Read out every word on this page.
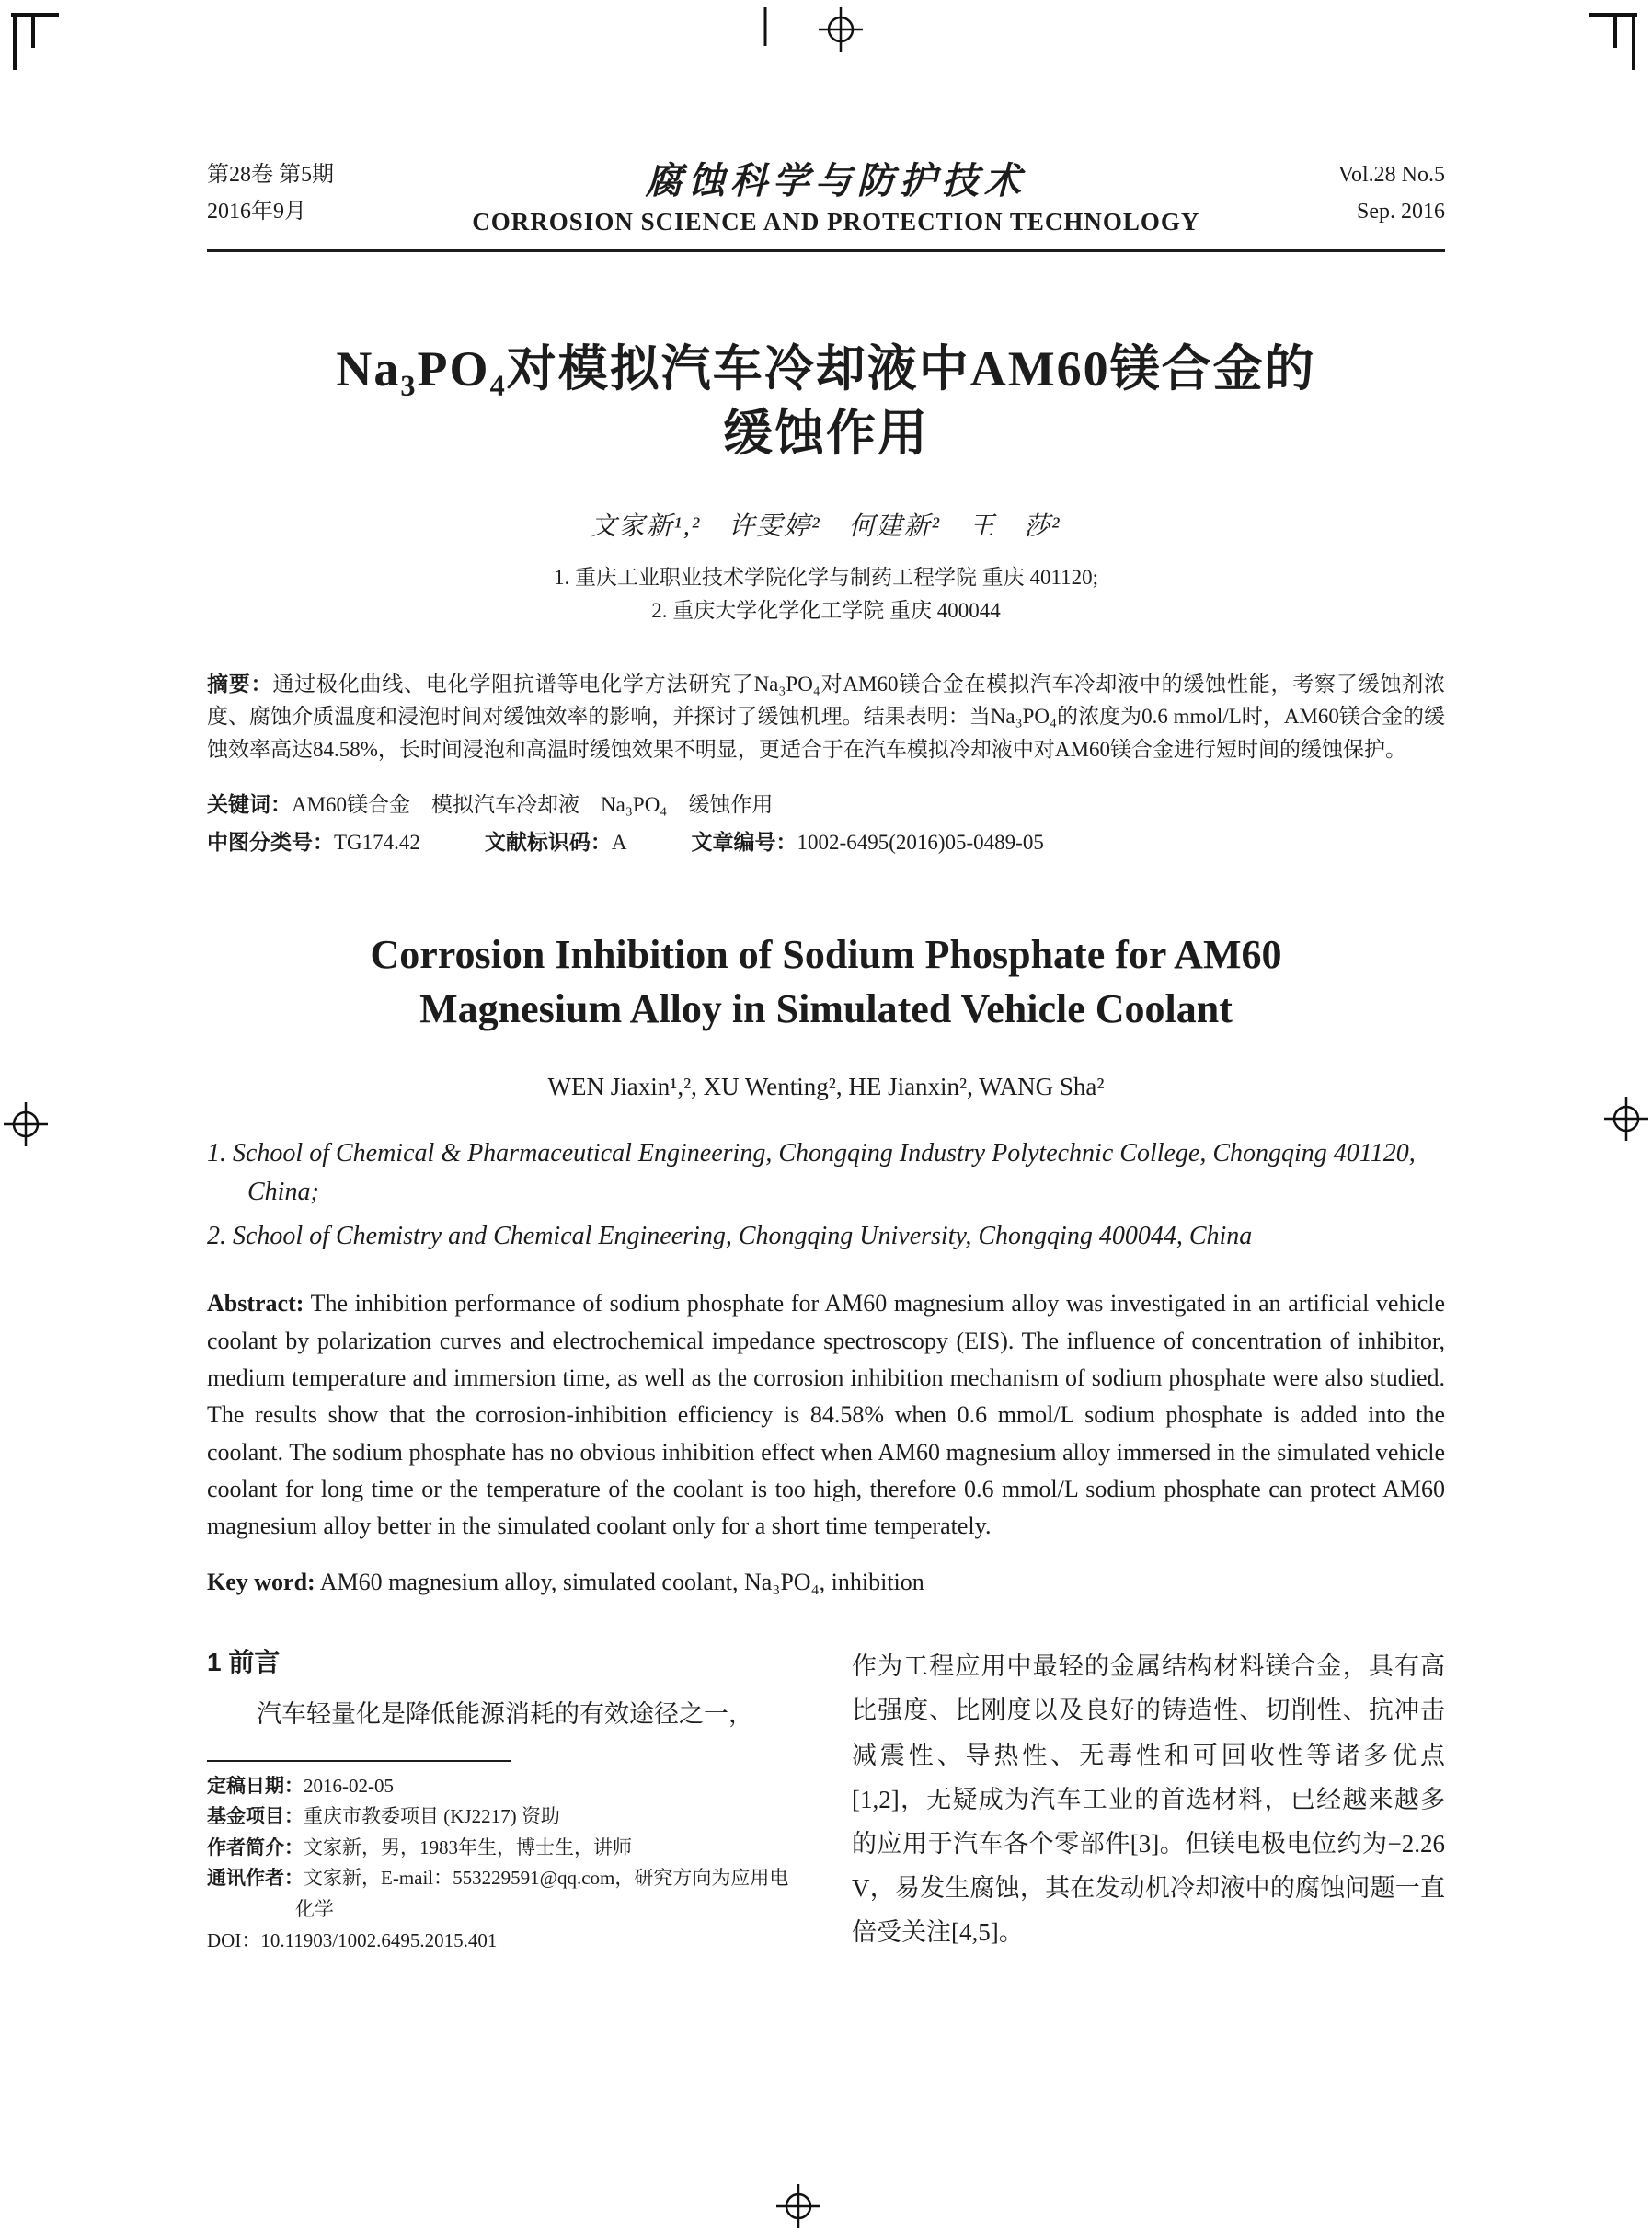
第28卷 第5期
2016年9月
腐蚀科学与防护技术
CORROSION SCIENCE AND PROTECTION TECHNOLOGY
Vol.28 No.5
Sep. 2016
Na₃PO₄对模拟汽车冷却液中AM60镁合金的
缓蚀作用
文家新¹,²　许雯婷²　何建新²　王　莎²
1. 重庆工业职业技术学院化学与制药工程学院 重庆 401120;
2. 重庆大学化学化工学院 重庆 400044

摘要：通过极化曲线、电化学阻抗谱等电化学方法研究了Na₃PO₄对AM60镁合金在模拟汽车冷却液中的缓蚀性能，考察了缓蚀剂浓度、腐蚀介质温度和浸泡时间对缓蚀效率的影响，并探讨了缓蚀机理。结果表明：当Na₃PO₄的浓度为0.6 mmol/L时，AM60镁合金的缓蚀效率高达84.58%，长时间浸泡和高温时缓蚀效果不明显，更适合于在汽车模拟冷却液中对AM60镁合金进行短时间的缓蚀保护。

关键词：AM60镁合金　模拟汽车冷却液　Na₃PO₄　缓蚀作用
中图分类号：TG174.42	文献标识码：A	文章编号：1002-6495(2016)05-0489-05
Corrosion Inhibition of Sodium Phosphate for AM60
Magnesium Alloy in Simulated Vehicle Coolant
WEN Jiaxin¹,², XU Wenting², HE Jianxin², WANG Sha²

1. School of Chemical & Pharmaceutical Engineering, Chongqing Industry Polytechnic College, Chongqing 401120, China;

2. School of Chemistry and Chemical Engineering, Chongqing University, Chongqing 400044, China

Abstract: The inhibition performance of sodium phosphate for AM60 magnesium alloy was investigated in an artificial vehicle coolant by polarization curves and electrochemical impedance spectroscopy (EIS). The influence of concentration of inhibitor, medium temperature and immersion time, as well as the corrosion inhibition mechanism of sodium phosphate were also studied. The results show that the corrosion-inhibition efficiency is 84.58% when 0.6 mmol/L sodium phosphate is added into the coolant. The sodium phosphate has no obvious inhibition effect when AM60 magnesium alloy immersed in the simulated vehicle coolant for long time or the temperature of the coolant is too high, therefore 0.6 mmol/L sodium phosphate can protect AM60 magnesium alloy better in the simulated coolant only for a short time temperately.

Key word: AM60 magnesium alloy, simulated coolant, Na₃PO₄, inhibition

1 前言

汽车轻量化是降低能源消耗的有效途径之一，

定稿日期：2016-02-05

基金项目：重庆市教委项目 (KJ2217) 资助

作者简介：文家新，男，1983年生，博士生，讲师

通讯作者：文家新，E-mail：553229591@qq.com，研究方向为应用电化学

DOI：10.11903/1002.6495.2015.401

作为工程应用中最轻的金属结构材料镁合金，具有高比强度、比刚度以及良好的铸造性、切削性、抗冲击减震性、导热性、无毒性和可回收性等诸多优点[1,2]，无疑成为汽车工业的首选材料，已经越来越多的应用于汽车各个零部件[3]。但镁电极电位约为−2.26 V，易发生腐蚀，其在发动机冷却液中的腐蚀问题一直倍受关注[4,5]。
